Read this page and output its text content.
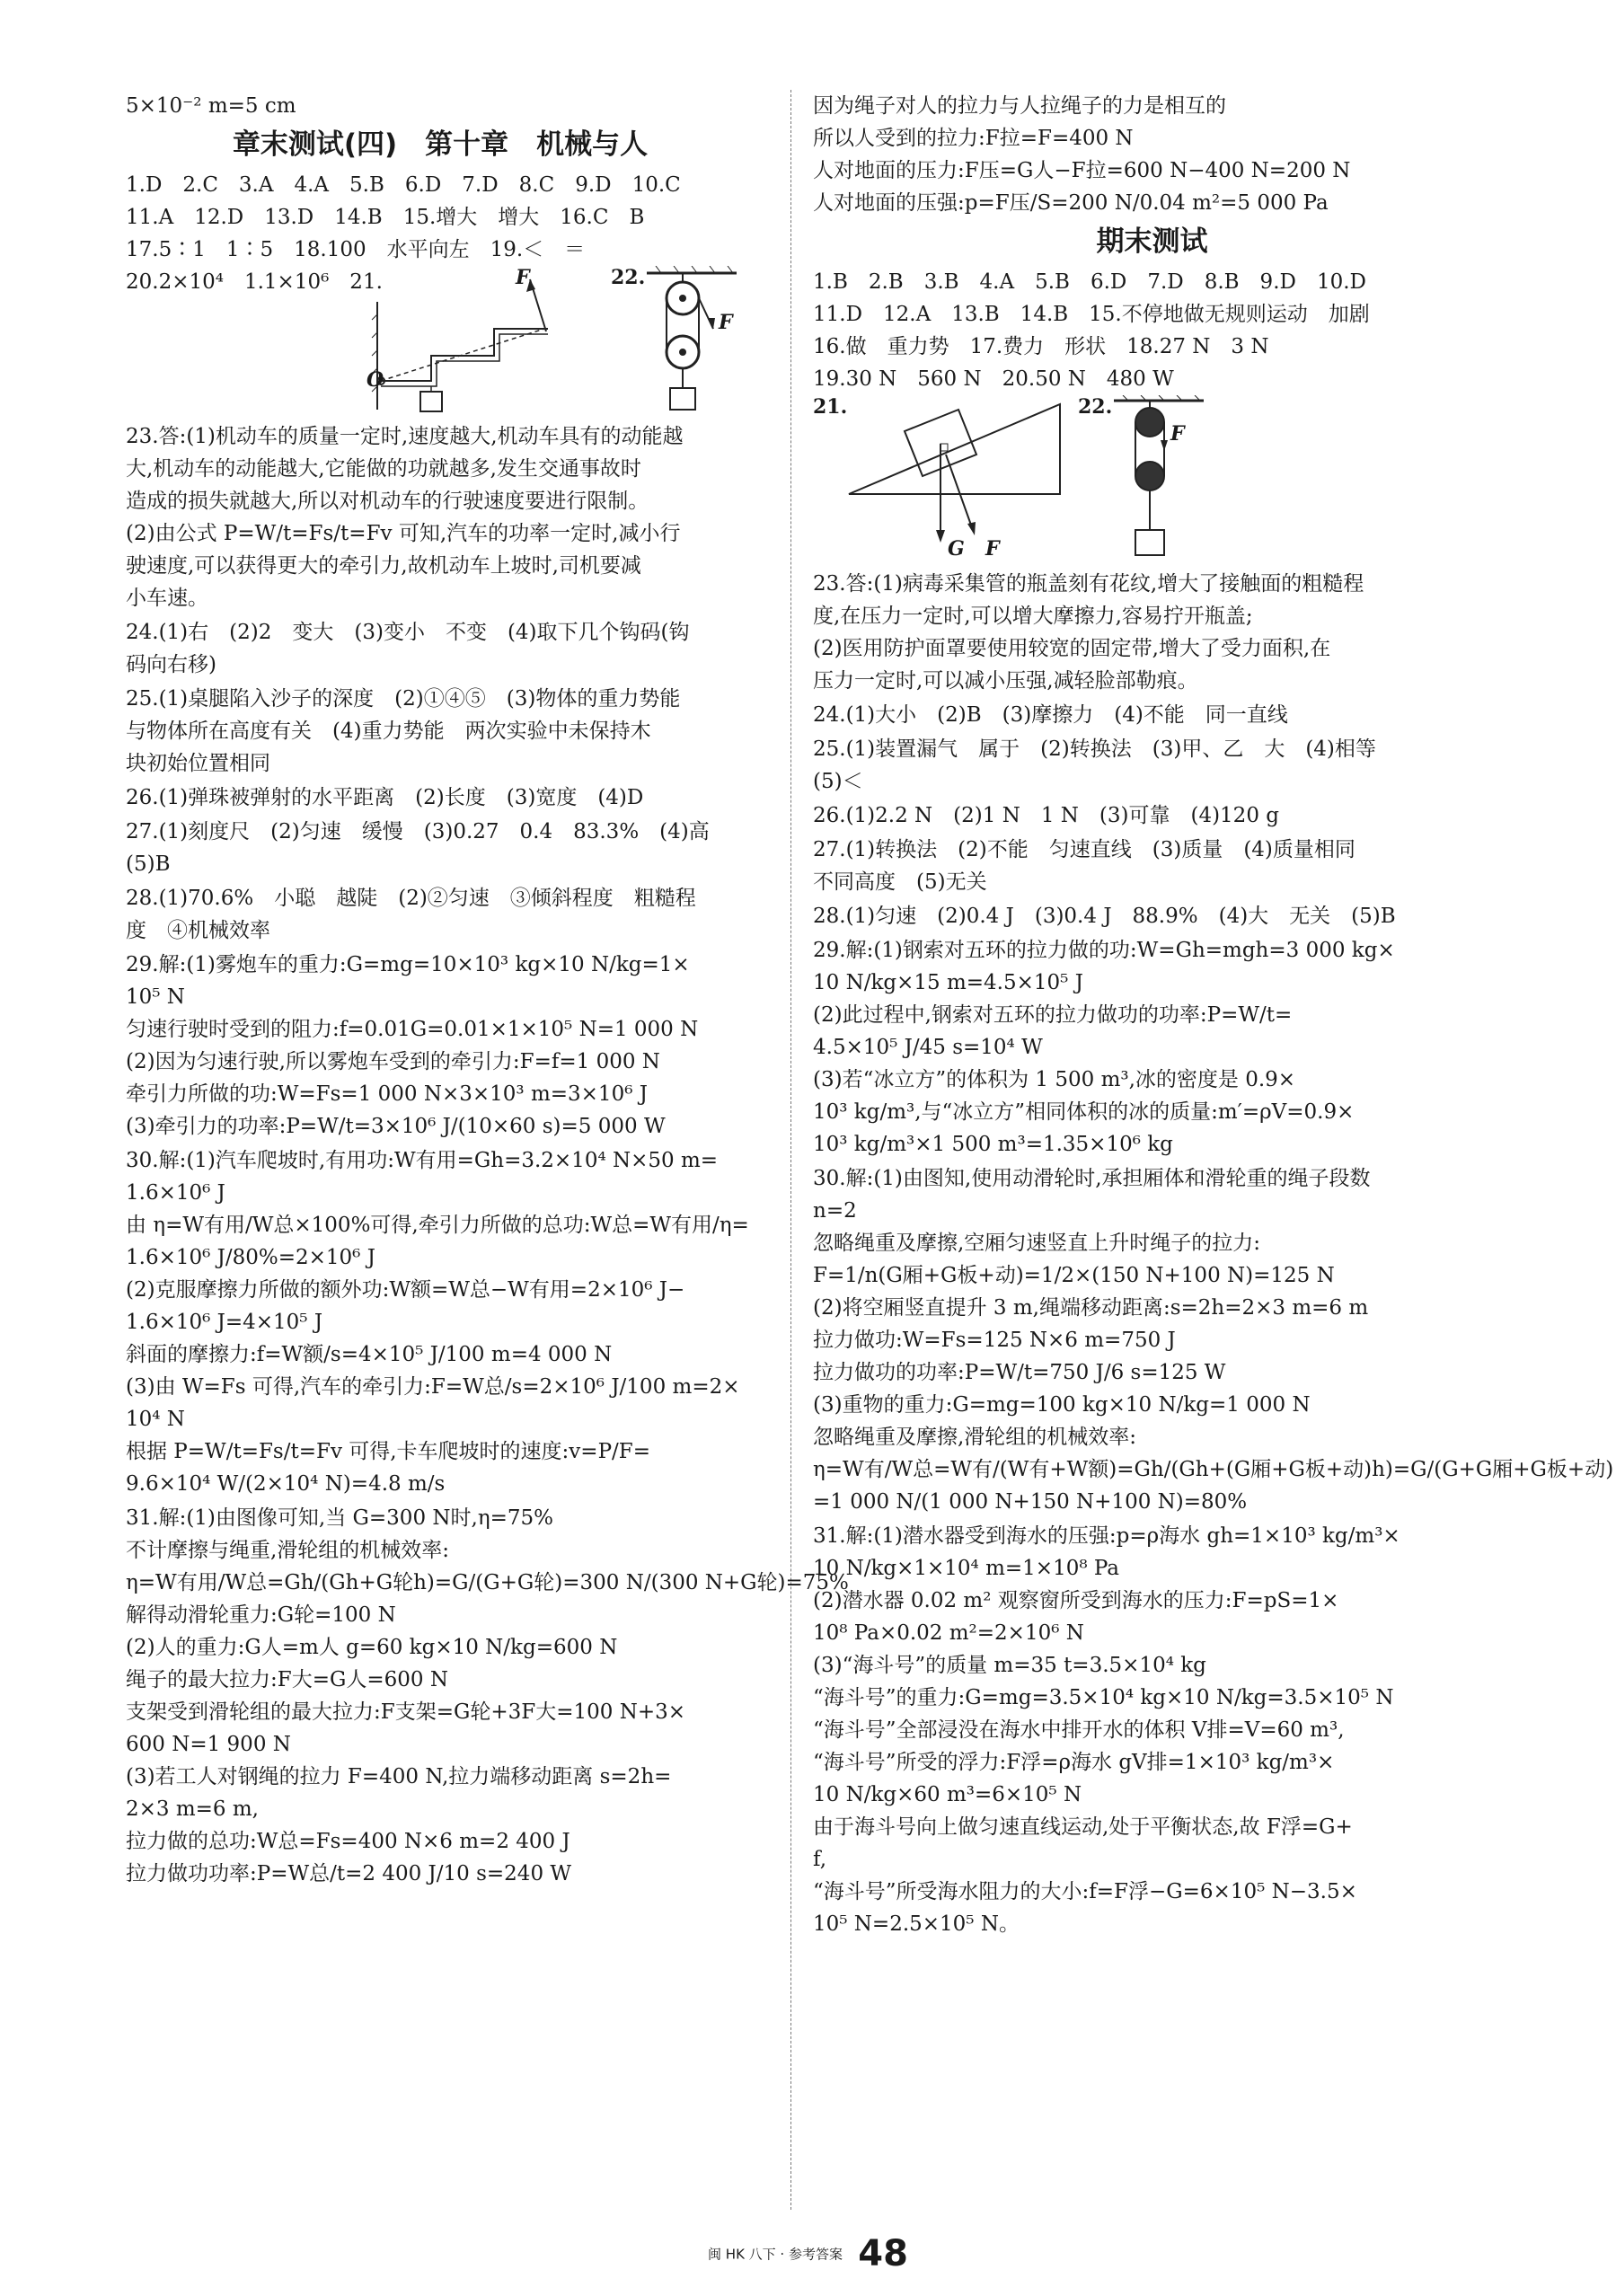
5×10⁻² m=5 cm
章末测试(四)　第十章　机械与人
1.D　2.C　3.A　4.A　5.B　6.D　7.D　8.C　9.D　10.C
11.A　12.D　13.D　14.B　15.增大　增大　16.C　B
17.5∶1　1∶5　18.100　水平向左　19.＜　＝
20.2×10⁴　1.1×10⁶　21.
O
F	22.
F
23.答:(1)机动车的质量一定时,速度越大,机动车具有的动能越
大,机动车的动能越大,它能做的功就越多,发生交通事故时
造成的损失就越大,所以对机动车的行驶速度要进行限制。
(2)由公式 P=W/t=Fs/t=Fv 可知,汽车的功率一定时,减小行
驶速度,可以获得更大的牵引力,故机动车上坡时,司机要减
小车速。
24.(1)右　(2)2　变大　(3)变小　不变　(4)取下几个钩码(钩
码向右移)
25.(1)桌腿陷入沙子的深度　(2)①④⑤　(3)物体的重力势能
与物体所在高度有关　(4)重力势能　两次实验中未保持木
块初始位置相同
26.(1)弹珠被弹射的水平距离　(2)长度　(3)宽度　(4)D
27.(1)刻度尺　(2)匀速　缓慢　(3)0.27　0.4　83.3%　(4)高
(5)B
28.(1)70.6%　小聪　越陡　(2)②匀速　③倾斜程度　粗糙程
度　④机械效率
29.解:(1)雾炮车的重力:G=mg=10×10³ kg×10 N/kg=1×
10⁵ N
匀速行驶时受到的阻力:f=0.01G=0.01×1×10⁵ N=1 000 N
(2)因为匀速行驶,所以雾炮车受到的牵引力:F=f=1 000 N
牵引力所做的功:W=Fs=1 000 N×3×10³ m=3×10⁶ J
(3)牵引力的功率:P=W/t=3×10⁶ J/(10×60 s)=5 000 W
30.解:(1)汽车爬坡时,有用功:W有用=Gh=3.2×10⁴ N×50 m=
1.6×10⁶ J
由 η=W有用/W总×100%可得,牵引力所做的总功:W总=W有用/η=
1.6×10⁶ J/80%=2×10⁶ J
(2)克服摩擦力所做的额外功:W额=W总−W有用=2×10⁶ J−
1.6×10⁶ J=4×10⁵ J
斜面的摩擦力:f=W额/s=4×10⁵ J/100 m=4 000 N
(3)由 W=Fs 可得,汽车的牵引力:F=W总/s=2×10⁶ J/100 m=2×
10⁴ N
根据 P=W/t=Fs/t=Fv 可得,卡车爬坡时的速度:v=P/F=
9.6×10⁴ W/(2×10⁴ N)=4.8 m/s
31.解:(1)由图像可知,当 G=300 N时,η=75%
不计摩擦与绳重,滑轮组的机械效率:
η=W有用/W总=Gh/(Gh+G轮h)=G/(G+G轮)=300 N/(300 N+G轮)=75%
解得动滑轮重力:G轮=100 N
(2)人的重力:G人=m人 g=60 kg×10 N/kg=600 N
绳子的最大拉力:F大=G人=600 N
支架受到滑轮组的最大拉力:F支架=G轮+3F大=100 N+3×
600 N=1 900 N
(3)若工人对钢绳的拉力 F=400 N,拉力端移动距离 s=2h=
2×3 m=6 m,
拉力做的总功:W总=Fs=400 N×6 m=2 400 J
拉力做功功率:P=W总/t=2 400 J/10 s=240 W
因为绳子对人的拉力与人拉绳子的力是相互的
所以人受到的拉力:F拉=F=400 N
人对地面的压力:F压=G人−F拉=600 N−400 N=200 N
人对地面的压强:p=F压/S=200 N/0.04 m²=5 000 Pa
期末测试
1.B　2.B　3.B　4.A　5.B　6.D　7.D　8.B　9.D　10.D
11.D　12.A　13.B　14.B　15.不停地做无规则运动　加剧
16.做　重力势　17.费力　形状　18.27 N　3 N
19.30 N　560 N　20.50 N　480 W
21.
G F
22.
F
23.答:(1)病毒采集管的瓶盖刻有花纹,增大了接触面的粗糙程
度,在压力一定时,可以增大摩擦力,容易拧开瓶盖;
(2)医用防护面罩要使用较宽的固定带,增大了受力面积,在
压力一定时,可以减小压强,减轻脸部勒痕。
24.(1)大小　(2)B　(3)摩擦力　(4)不能　同一直线
25.(1)装置漏气　属于　(2)转换法　(3)甲、乙　大　(4)相等
(5)＜
26.(1)2.2 N　(2)1 N　1 N　(3)可靠　(4)120 g
27.(1)转换法　(2)不能　匀速直线　(3)质量　(4)质量相同
不同高度　(5)无关
28.(1)匀速　(2)0.4 J　(3)0.4 J　88.9%　(4)大　无关　(5)B
29.解:(1)钢索对五环的拉力做的功:W=Gh=mgh=3 000 kg×
10 N/kg×15 m=4.5×10⁵ J
(2)此过程中,钢索对五环的拉力做功的功率:P=W/t=
4.5×10⁵ J/45 s=10⁴ W
(3)若“冰立方”的体积为 1 500 m³,冰的密度是 0.9×
10³ kg/m³,与“冰立方”相同体积的冰的质量:m′=ρV=0.9×
10³ kg/m³×1 500 m³=1.35×10⁶ kg
30.解:(1)由图知,使用动滑轮时,承担厢体和滑轮重的绳子段数
n=2
忽略绳重及摩擦,空厢匀速竖直上升时绳子的拉力:
F=1/n(G厢+G板+动)=1/2×(150 N+100 N)=125 N
(2)将空厢竖直提升 3 m,绳端移动距离:s=2h=2×3 m=6 m
拉力做功:W=Fs=125 N×6 m=750 J
拉力做功的功率:P=W/t=750 J/6 s=125 W
(3)重物的重力:G=mg=100 kg×10 N/kg=1 000 N
忽略绳重及摩擦,滑轮组的机械效率:
η=W有/W总=W有/(W有+W额)=Gh/(Gh+(G厢+G板+动)h)=G/(G+G厢+G板+动)
=1 000 N/(1 000 N+150 N+100 N)=80%
31.解:(1)潜水器受到海水的压强:p=ρ海水 gh=1×10³ kg/m³×
10 N/kg×1×10⁴ m=1×10⁸ Pa
(2)潜水器 0.02 m² 观察窗所受到海水的压力:F=pS=1×
10⁸ Pa×0.02 m²=2×10⁶ N
(3)“海斗号”的质量 m=35 t=3.5×10⁴ kg
“海斗号”的重力:G=mg=3.5×10⁴ kg×10 N/kg=3.5×10⁵ N
“海斗号”全部浸没在海水中排开水的体积 V排=V=60 m³,
“海斗号”所受的浮力:F浮=ρ海水 gV排=1×10³ kg/m³×
10 N/kg×60 m³=6×10⁵ N
由于海斗号向上做匀速直线运动,处于平衡状态,故 F浮=G+
f,
“海斗号”所受海水阻力的大小:f=F浮−G=6×10⁵ N−3.5×
10⁵ N=2.5×10⁵ N。
闽 HK 八下 · 参考答案 48
